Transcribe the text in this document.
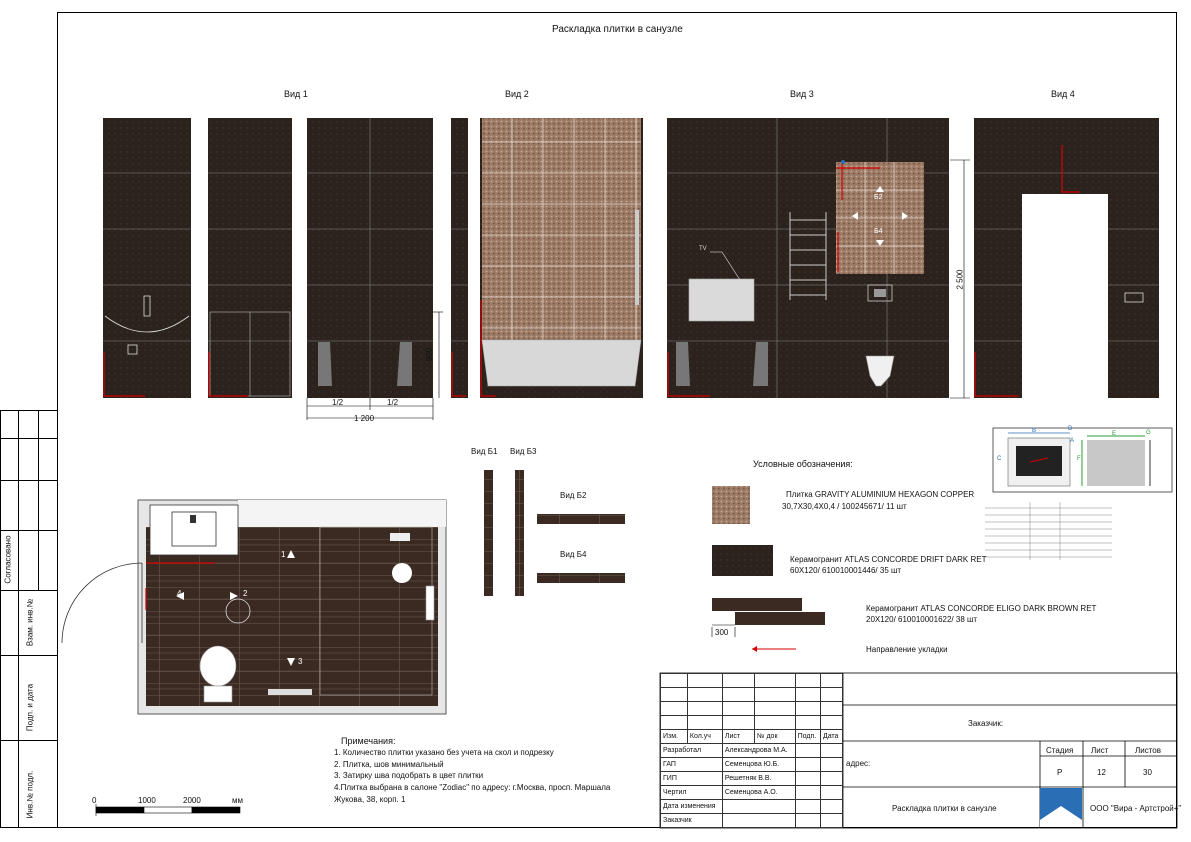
Согласовано
Взам. инв.№
Подп. и дата
Инв.№ подл.
Раскладка плитки в санузле
Вид 1	Вид 2	Вид 3	Вид 4
1/2	1/2
1 200
900
2 500
TV
Б2
Б4
Вид Б1 Вид Б3
Вид Б2
Вид Б4
1
2
3
4
Условные обозначения:
Плитка GRAVITY ALUMINIUM HEXAGON COPPER
30,7X30,4X0,4 / 100245671/ 11 шт
Керамогранит ATLAS CONCORDE DRIFT DARK RET
60X120/ 610010001446/ 35 шт
Керамогранит ATLAS CONCORDE ELIGO DARK BROWN RET
20X120/ 610010001622/ 38 шт
300
Направление укладки
B	D
C
A
E
F
G
Примечания:
1. Количество плитки указано без учета на скол и подрезку
2. Плитка, шов минимальный
3. Затирку шва подобрать в цвет плитки
4.Плитка выбрана в салоне "Zodiac" по адресу: г.Москва, просп. Маршала
Жукова, 38, корп. 1
0	1000	2000	мм

Изм.	Кол.уч	Лист	№ док	Подп.	Дата
Разработал		Александрова М.А.			
ГАП		Семенцова Ю.Б.			
ГИП		Решетняк В.В.			
Чертил		Семенцова А.О.			
Дата изменения					
Заказчик					
Заказчик:
адрес:
Стадия Лист	Листов
Р	12	30
Раскладка плитки в санузле	ООО "Вира - Артстрой+"
